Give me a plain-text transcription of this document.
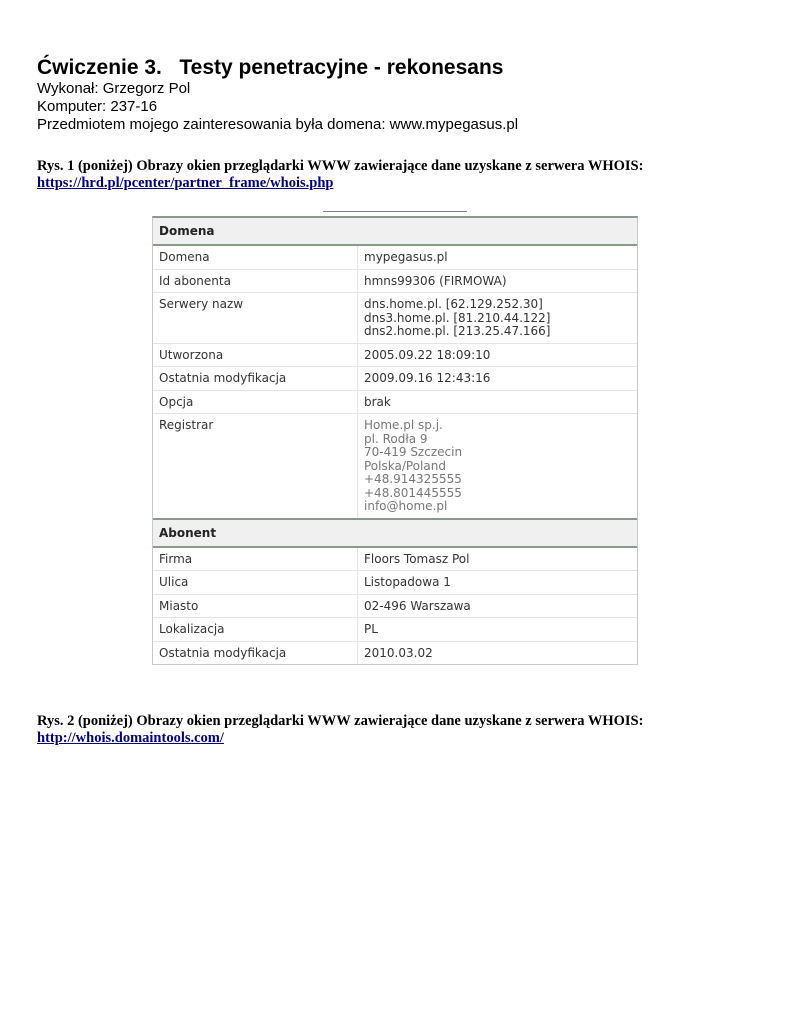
Ćwiczenie 3.   Testy penetracyjne - rekonesans

Wykonał: Grzegorz Pol

Komputer: 237-16

Przedmiotem mojego zainteresowania była domena: www.mypegasus.pl

Rys. 1 (poniżej) Obrazy okien przeglądarki WWW zawierające dane uzyskane z serwera WHOIS:
https://hrd.pl/pcenter/partner_frame/whois.php
Domena
Domena	mypegasus.pl
Id abonenta	hmns99306 (FIRMOWA)
Serwery nazw	dns.home.pl. [62.129.252.30]
dns3.home.pl. [81.210.44.122]
dns2.home.pl. [213.25.47.166]
Utworzona	2005.09.22 18:09:10
Ostatnia modyfikacja	2009.09.16 12:43:16
Opcja	brak
Registrar	Home.pl sp.j.
pl. Rodła 9
70-419 Szczecin
Polska/Poland
+48.914325555
+48.801445555
info@home.pl
Abonent
Firma	Floors Tomasz Pol
Ulica	Listopadowa 1
Miasto	02-496 Warszawa
Lokalizacja	PL
Ostatnia modyfikacja	2010.03.02
Rys. 2 (poniżej) Obrazy okien przeglądarki WWW zawierające dane uzyskane z serwera WHOIS:
http://whois.domaintools.com/
